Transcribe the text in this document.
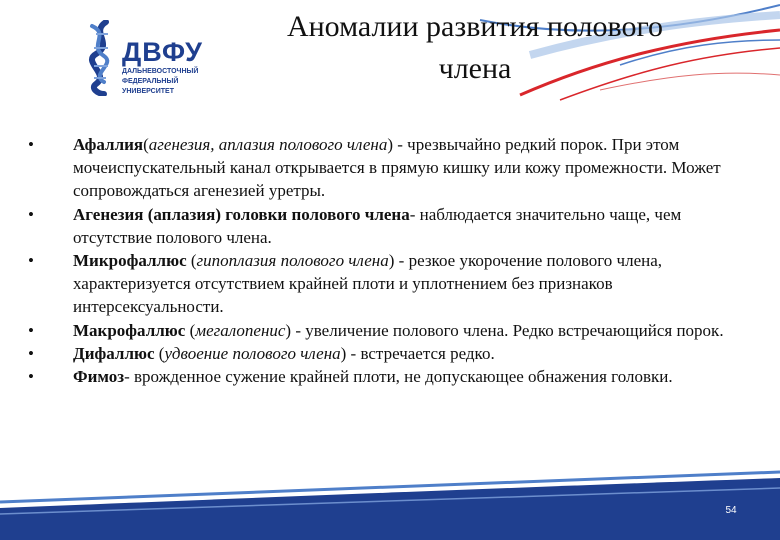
ДВФУ
ДАЛЬНЕВОСТОЧНЫЙ
ФЕДЕРАЛЬНЫЙ
УНИВЕРСИТЕТ
Аномалии развития полового
члена
•	Афаллия(агенезия, аплазия полового члена) - чрезвычайно редкий порок. При этом мочеиспускательный канал открывается в прямую кишку или кожу промежности. Может сопровождаться агенезией уретры.
•	Агенезия (аплазия) головки полового члена- наблюдается значительно чаще, чем отсутствие полового члена.
•	Микрофаллюс (гипоплазия полового члена) - резкое укорочение полового члена, характеризуется отсутствием крайней плоти и уплотнением без признаков интерсексуальности.
•	Макрофаллюс (мегалопенис) - увеличение полового члена. Редко встречающийся порок.
•	Дифаллюс (удвоение полового члена) - встречается редко.
•	Фимоз- врожденное сужение крайней плоти, не допускающее обнажения головки.
54
